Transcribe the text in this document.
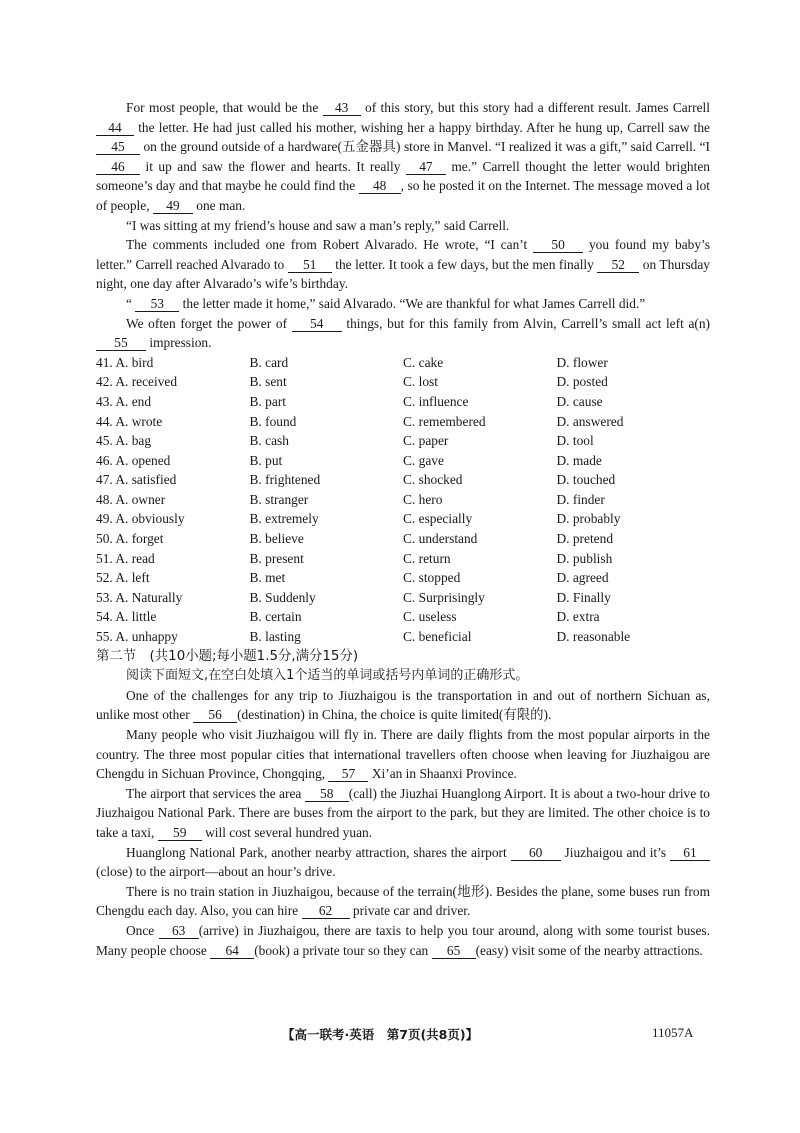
For most people, that would be the 43 of this story, but this story had a different result. James Carrell 44 the letter. He had just called his mother, wishing her a happy birthday. After he hung up, Carrell saw the 45 on the ground outside of a hardware(五金器具) store in Manvel. “I realized it was a gift,” said Carrell. “I 46 it up and saw the flower and hearts. It really 47 me.” Carrell thought the letter would brighten someone’s day and that maybe he could find the 48 , so he posted it on the Internet. The message moved a lot of people, 49 one man.

“I was sitting at my friend’s house and saw a man’s reply,” said Carrell.

The comments included one from Robert Alvarado. He wrote, “I can’t 50 you found my baby’s letter.” Carrell reached Alvarado to 51 the letter. It took a few days, but the men finally 52 on Thursday night, one day after Alvarado’s wife’s birthday.

“ 53 the letter made it home,” said Alvarado. “We are thankful for what James Carrell did.”

We often forget the power of 54 things, but for this family from Alvin, Carrell’s small act left a(n) 55 impression.

41. A. bird	B. card	C. cake	D. flower
42. A. received	B. sent	C. lost	D. posted
43. A. end	B. part	C. influence	D. cause
44. A. wrote	B. found	C. remembered	D. answered
45. A. bag	B. cash	C. paper	D. tool
46. A. opened	B. put	C. gave	D. made
47. A. satisfied	B. frightened	C. shocked	D. touched
48. A. owner	B. stranger	C. hero	D. finder
49. A. obviously	B. extremely	C. especially	D. probably
50. A. forget	B. believe	C. understand	D. pretend
51. A. read	B. present	C. return	D. publish
52. A. left	B. met	C. stopped	D. agreed
53. A. Naturally	B. Suddenly	C. Surprisingly	D. Finally
54. A. little	B. certain	C. useless	D. extra
55. A. unhappy	B. lasting	C. beneficial	D. reasonable

第二节　(共10小题;每小题1.5分,满分15分)

阅读下面短文,在空白处填入1个适当的单词或括号内单词的正确形式。

One of the challenges for any trip to Jiuzhaigou is the transportation in and out of northern Sichuan as, unlike most other 56 (destination) in China, the choice is quite limited(有限的).

Many people who visit Jiuzhaigou will fly in. There are daily flights from the most popular airports in the country. The three most popular cities that international travellers often choose when leaving for Jiuzhaigou are Chengdu in Sichuan Province, Chongqing, 57 Xi’an in Shaanxi Province.

The airport that services the area 58 (call) the Jiuzhai Huanglong Airport. It is about a two-hour drive to Jiuzhaigou National Park. There are buses from the airport to the park, but they are limited. The other choice is to take a taxi, 59 will cost several hundred yuan.

Huanglong National Park, another nearby attraction, shares the airport 60 Jiuzhaigou and it’s 61(close) to the airport—about an hour’s drive.

There is no train station in Jiuzhaigou, because of the terrain(地形). Besides the plane, some buses run from Chengdu each day. Also, you can hire 62 private car and driver.

Once 63 (arrive) in Jiuzhaigou, there are taxis to help you tour around, along with some tourist buses. Many people choose 64 (book) a private tour so they can 65 (easy) visit some of the nearby attractions.

【高一联考·英语　第7页(共8页)】	11057A
